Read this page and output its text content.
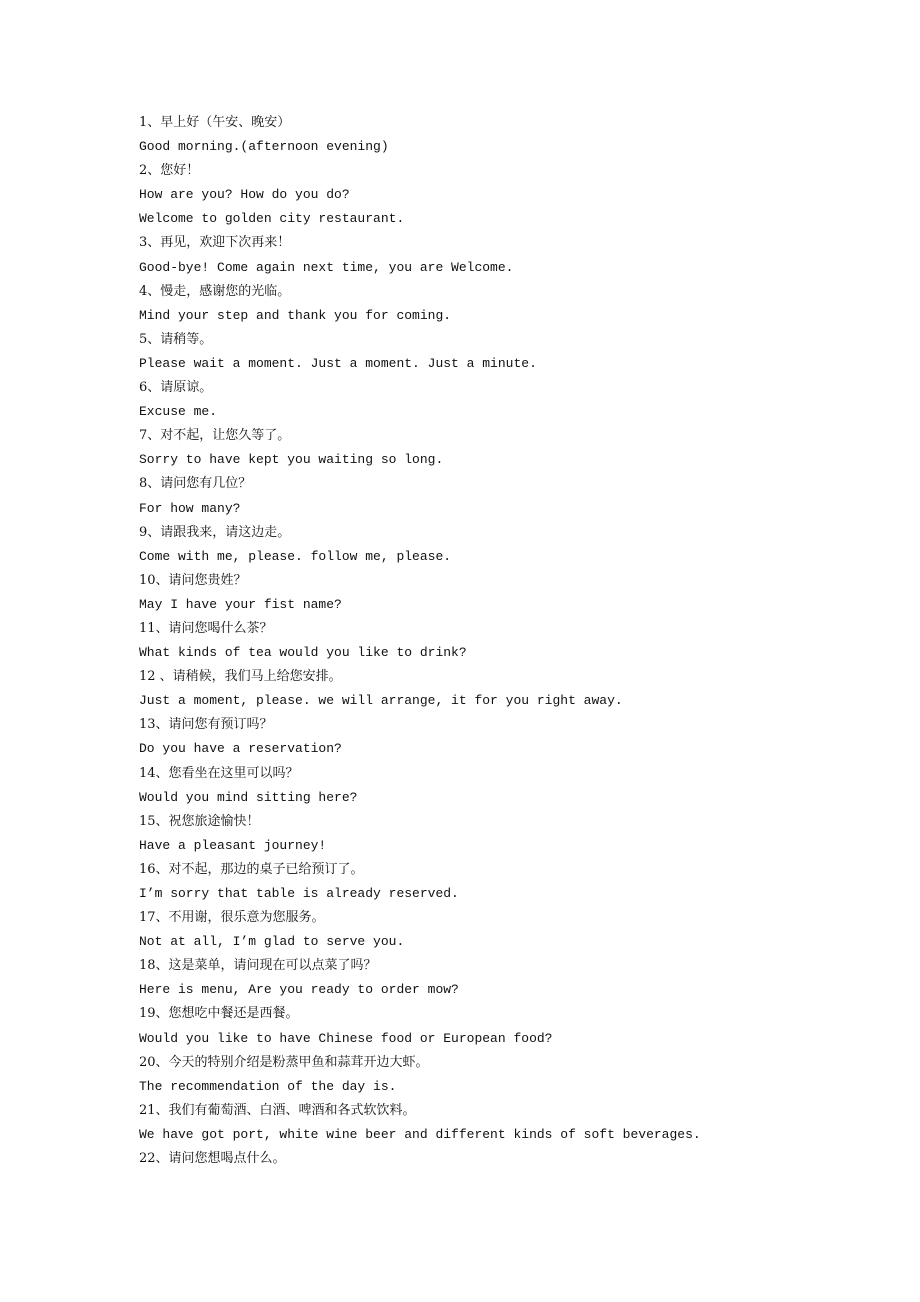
1、早上好（午安、晚安）

Good morning.(afternoon evening)

2、您好！

How are you? How do you do?

Welcome to golden city restaurant.

3、再见，欢迎下次再来！

Good-bye! Come again next time, you are Welcome.

4、慢走，感谢您的光临。

Mind your step and thank you for coming.

5、请稍等。

Please wait a moment. Just a moment. Just a minute.

6、请原谅。

Excuse me.

7、对不起，让您久等了。

Sorry to have kept you waiting so long.

8、请问您有几位？

For how many?

9、请跟我来，请这边走。

Come with me, please. follow me, please.

10、请问您贵姓？

May I have your fist name?

11、请问您喝什么茶？

What kinds of tea would you like to drink?

12 、请稍候，我们马上给您安排。

Just a moment, please. we will arrange, it for you right away.

13、请问您有预订吗？

Do you have a reservation?

14、您看坐在这里可以吗？

Would you mind sitting here?

15、祝您旅途愉快！

Have a pleasant journey!

16、对不起，那边的桌子已给预订了。

I’m sorry that table is already reserved.

17、不用谢，很乐意为您服务。

Not at all, I’m glad to serve you.

18、这是菜单，请问现在可以点菜了吗？

Here is menu, Are you ready to order mow?

19、您想吃中餐还是西餐。

Would you like to have Chinese food or European food?

20、今天的特别介绍是粉蒸甲鱼和蒜茸开边大虾。

The recommendation of the day is.

21、我们有葡萄酒、白酒、啤酒和各式软饮料。

We have got port, white wine beer and different kinds of soft beverages.

22、请问您想喝点什么。
